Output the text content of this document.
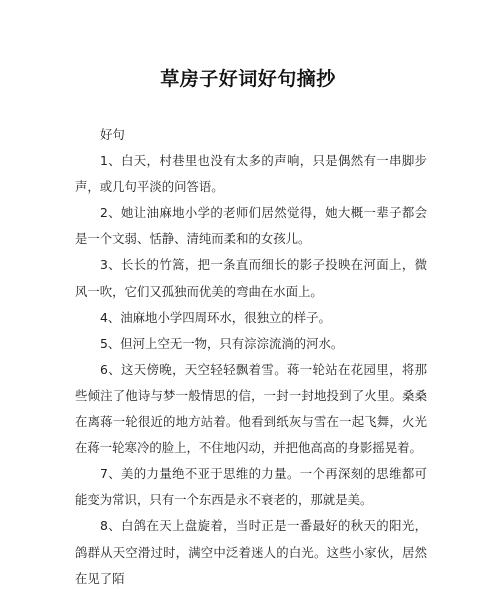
草房子好词好句摘抄

好句

1、白天，村巷里也没有太多的声响，只是偶然有一串脚步声，或几句平淡的问答语。

2、她让油麻地小学的老师们居然觉得，她大概一辈子都会是一个文弱、恬静、清纯而柔和的女孩儿。

3、长长的竹篙，把一条直而细长的影子投映在河面上，微风一吹，它们又孤独而优美的弯曲在水面上。

4、油麻地小学四周环水，很独立的样子。

5、但河上空无一物，只有淙淙流淌的河水。

6、这天傍晚，天空轻轻飘着雪。蒋一轮站在花园里，将那些倾注了他诗与梦一般情思的信，一封一封地投到了火里。桑桑在离蒋一轮很近的地方站着。他看到纸灰与雪在一起飞舞，火光在蒋一轮寒冷的脸上，不住地闪动，并把他高高的身影摇晃着。

7、美的力量绝不亚于思维的力量。一个再深刻的思维都可能变为常识，只有一个东西是永不衰老的，那就是美。

8、白鸽在天上盘旋着，当时正是一番最好的秋天的阳光，鸽群从天空滑过时，满空中泛着迷人的白光。这些小家伙，居然在见了陌
